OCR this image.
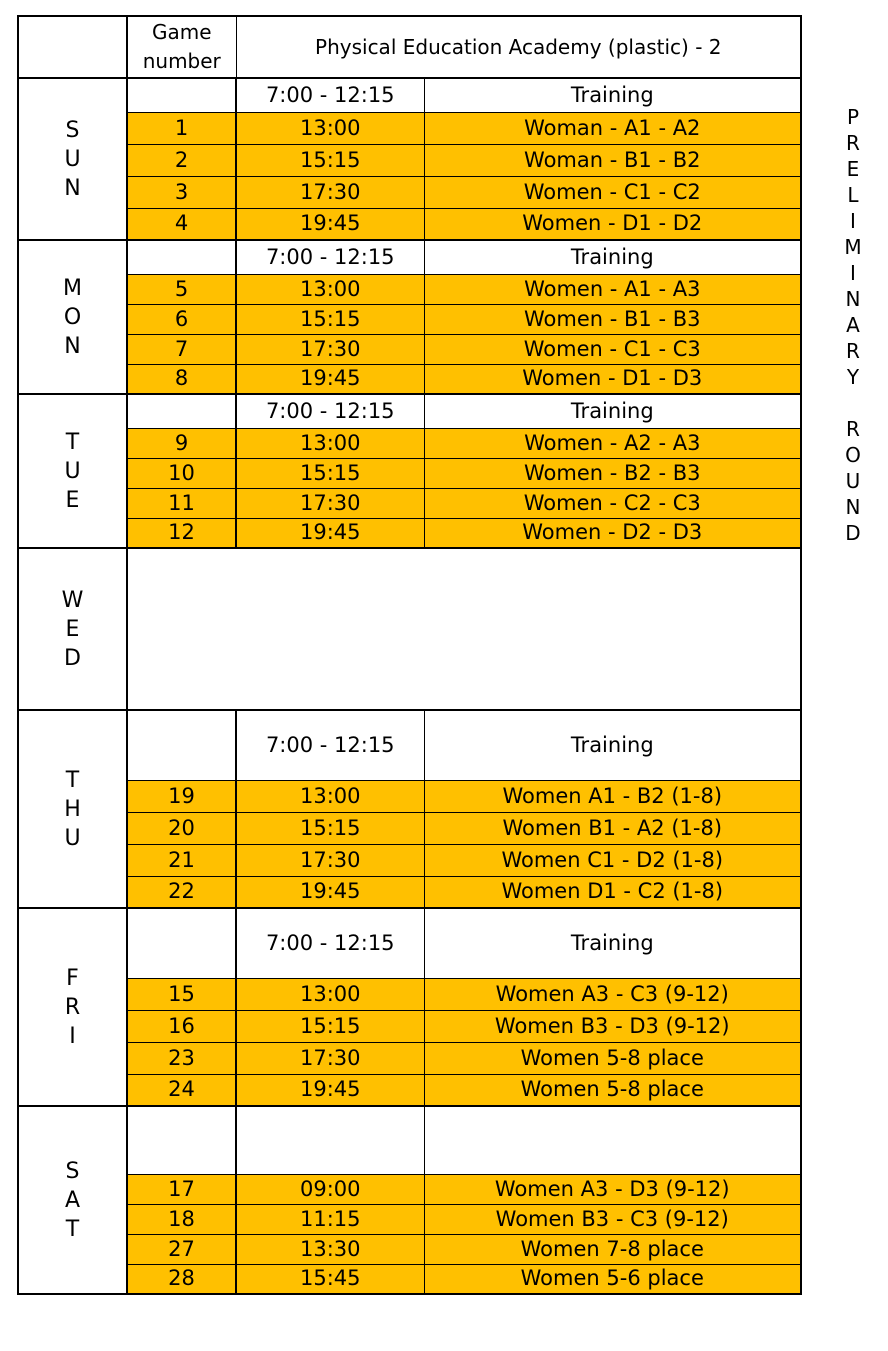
	Game
number	Physical Education Academy (plastic) - 2	
S
U
N		7:00 - 12:15	Training
	1	13:00	Woman - A1 - A2
	2	15:15	Woman - B1 - B2
	3	17:30	Women - C1 - C2
	4	19:45	Women - D1 - D2
M
O
N		7:00 - 12:15	Training
	5	13:00	Women - A1 - A3
	6	15:15	Women - B1 - B3
	7	17:30	Women - C1 - C3
	8	19:45	Women - D1 - D3
T
U
E		7:00 - 12:15	Training
	9	13:00	Women - A2 - A3
	10	15:15	Women - B2 - B3
	11	17:30	Women - C2 - C3
	12	19:45	Women - D2 - D3
W
E
D			
T
H
U		7:00 - 12:15	Training
	19	13:00	Women A1 - B2 (1-8)
	20	15:15	Women B1 - A2 (1-8)
	21	17:30	Women C1 - D2 (1-8)
	22	19:45	Women D1 - C2 (1-8)
F
R
I		7:00 - 12:15	Training
	15	13:00	Women A3 - C3 (9-12)
	16	15:15	Women B3 - D3 (9-12)
	23	17:30	Women 5-8 place
	24	19:45	Women 5-8 place
S
A
T			
	17	09:00	Women A3 - D3 (9-12)
	18	11:15	Women B3 - C3 (9-12)
	27	13:30	Women 7-8 place
	28	15:45	Women 5-6 place
P
R
E
L
I
M
I
N
A
R
Y

R
O
U
N
D
